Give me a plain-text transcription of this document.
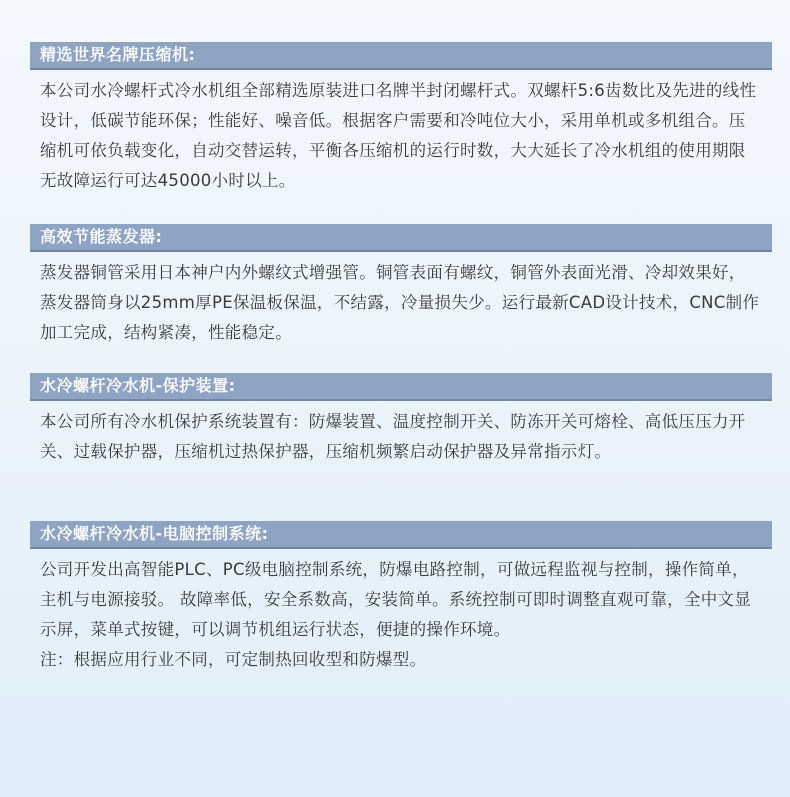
精选世界名牌压缩机:

本公司水冷螺杆式冷水机组全部精选原装进口名牌半封闭螺杆式。双螺杆5:6齿数比及先进的线性设计，低碳节能环保；性能好、噪音低。根据客户需要和冷吨位大小，采用单机或多机组合。压缩机可依负载变化，自动交替运转，平衡各压缩机的运行时数，大大延长了冷水机组的使用期限无故障运行可达45000小时以上。

高效节能蒸发器:

蒸发器铜管采用日本神户内外螺纹式增强管。铜管表面有螺纹，铜管外表面光滑、冷却效果好，蒸发器筒身以25mm厚PE保温板保温，不结露，冷量损失少。运行最新CAD设计技术，CNC制作加工完成，结构紧凑，性能稳定。

水冷螺杆冷水机-保护装置:

本公司所有冷水机保护系统装置有：防爆装置、温度控制开关、防冻开关可熔栓、高低压压力开关、过载保护器，压缩机过热保护器，压缩机频繁启动保护器及异常指示灯。

水冷螺杆冷水机-电脑控制系统:

公司开发出高智能PLC、PC级电脑控制系统，防爆电路控制，可做远程监视与控制，操作简单，主机与电源接驳。 故障率低，安全系数高，安装简单。系统控制可即时调整直观可靠，全中文显示屏，菜单式按键，可以调节机组运行状态，便捷的操作环境。

注：根据应用行业不同，可定制热回收型和防爆型。
